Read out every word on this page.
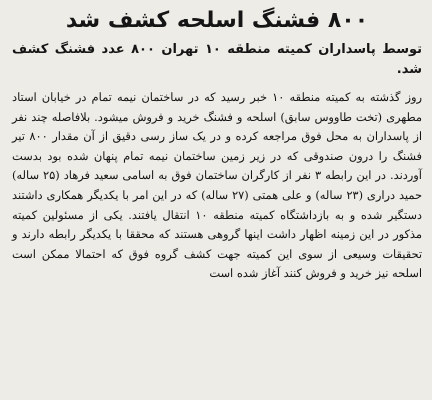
۸۰۰ فشنگ اسلحه کشف شد
توسط پاسداران کمیته منطقه ۱۰ تهران ۸۰۰ عدد فشنگ کشف شد.

روز گذشته به کمیته منطقه ۱۰ خبر رسید که در ساختمان نیمه تمام در خیابان استاد مطهری (تخت طاووس سابق) اسلحه و فشنگ خرید و فروش میشود. بلافاصله چند نفر از پاسداران به محل فوق مراجعه کرده و در یک ساز رسی دقیق از آن مقدار ۸۰۰ تیر فشنگ را درون صندوقی که در زیر زمین ساختمان نیمه تمام پنهان شده بود بدست آوردند. در این رابطه ۳ نفر از کارگران ساختمان فوق به اسامی سعید فرهاد (۲۵ ساله) حمید دراری (۲۳ ساله) و علی همتی (۲۷ ساله) که در این امر با یکدیگر همکاری داشتند دستگیر شده و به بازداشتگاه کمیته منطقه ۱۰ انتقال یافتند. یکی از مسئولین کمیته مذکور در این زمینه اظهار داشت اینها گروهی هستند که محققا با یکدیگر رابطه دارند و تحقیقات وسیعی از سوی این کمیته جهت کشف گروه فوق که احتمالا ممکن است اسلحه نیز خرید و فروش کنند آغاز شده است
